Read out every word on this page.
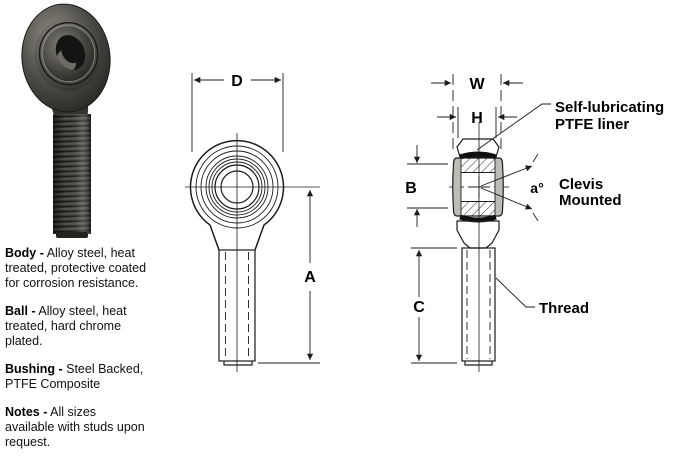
D
A
W
H
B	a°
C
Self-lubricating
PTFE liner
Clevis
Mounted
Thread

Body - Alloy steel, heat
treated, protective coated
for corrosion resistance.

Ball - Alloy steel, heat
treated, hard chrome
plated.

Bushing - Steel Backed,
PTFE Composite

Notes - All sizes
available with studs upon
request.
